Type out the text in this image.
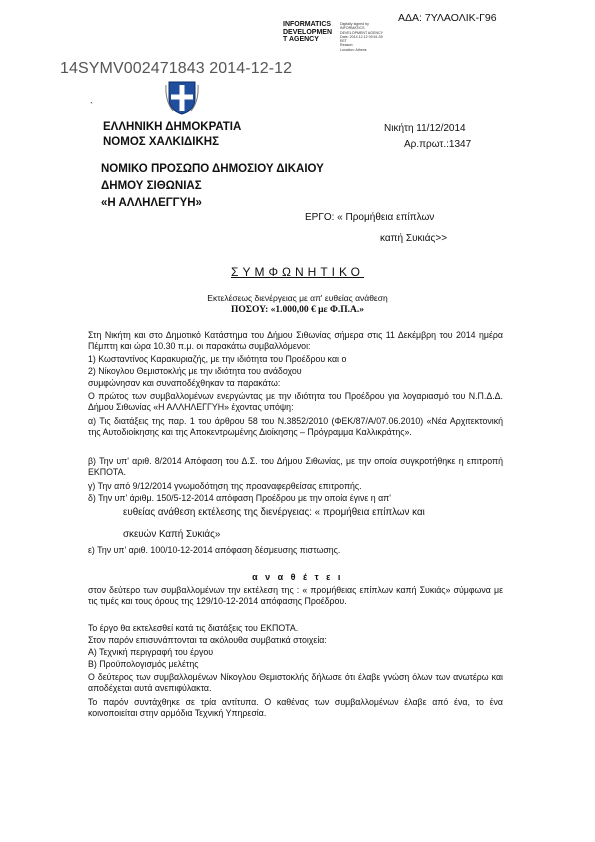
ΑΔΑ: 7ΥΛΑΟΛΙΚ-Γ96
INFORMATICS DEVELOPMEN T AGENCY
Digitally signed by
INFORMATICS
DEVELOPMENT AGENCY
Date: 2014.12.12 09:51:39
EET
Reason:
Location: Athens
14SYMV002471843 2014-12-12
`
ΕΛΛΗΝΙΚΗ ΔΗΜΟΚΡΑΤΙΑ
ΝΟΜΟΣ ΧΑΛΚΙΔΙΚΗΣ
Νικήτη 11/12/2014
Αρ.πρωτ.:1347
ΝΟΜΙΚΟ ΠΡΟΣΩΠΟ ΔΗΜΟΣΙΟΥ ΔΙΚΑΙΟΥ
ΔΗΜΟΥ ΣΙΘΩΝΙΑΣ
«Η ΑΛΛΗΛΕΓΓΥΗ»
ΕΡΓΟ: « Προμήθεια επίπλων
καπή Συκιάς>>
ΣΥΜΦΩΝΗΤΙΚΟ
Εκτελέσεως διενέργειας με απ' ευθείας ανάθεση
ΠΟΣΟΥ: «1.000,00 € με Φ.Π.Α.»
Στη Νικήτη και στο Δημοτικό Κατάστημα του Δήμου Σιθωνίας σήμερα στις 11 Δεκέμβρη του 2014 ημέρα Πέμπτη και ώρα 10.30 π.μ. οι παρακάτω συμβαλλόμενοι:
1) Κωσταντίνος Καρακυριαζής, με την ιδιότητα του Προέδρου και ο
2) Νίκογλου Θεμιστοκλής με την ιδιότητα του ανάδοχου
συμφώνησαν και συναποδέχθηκαν τα παρακάτω:
Ο πρώτος των συμβαλλομένων ενεργώντας με την ιδιότητα του Προέδρου για λογαριασμό του Ν.Π.Δ.Δ. Δήμου Σιθωνίας «Η ΑΛΛΗΛΕΓΓΥΗ» έχοντας υπόψη:
α) Τις διατάξεις της παρ. 1 του άρθρου 58 του Ν.3852/2010 (ΦΕΚ/87/Α/07.06.2010) «Νέα Αρχιτεκτονική της Αυτοδιοίκησης και της Αποκεντρωμένης Διοίκησης – Πρόγραμμα Καλλικράτης».
β) Την υπ' αριθ. 8/2014 Απόφαση του Δ.Σ. του Δήμου Σιθωνίας, με την οποία συγκροτήθηκε η επιτροπή ΕΚΠΟΤΑ.
γ) Την από 9/12/2014 γνωμοδότηση της προαναφερθείσας επιτροπής.
δ) Την υπ' άριθμ. 150/5-12-2014 απόφαση Προέδρου με την οποία έγινε η απ'
ευθείας ανάθεση εκτέλεσης της διενέργειας: « προμήθεια επίπλων και
σκευών Καπή Συκιάς»
ε) Την υπ' αριθ. 100/10-12-2014 απόφαση δέσμευσης πιστωσης.
α ν α θ έ τ ε ι
στον δεύτερο των συμβαλλομένων την εκτέλεση της : « προμήθειας επίπλων καπή Συκιάς» σύμφωνα με τις τιμές και τους όρους της 129/10-12-2014 απόφασης Προέδρου.
Το έργο θα εκτελεσθεί κατά τις διατάξεις του ΕΚΠΟΤΑ.
Στον παρόν επισυνάπτονται τα ακόλουθα συμβατικά στοιχεία:
Α) Τεχνική περιγραφή του έργου
Β) Προϋπολογισμός μελέτης
Ο δεύτερος των συμβαλλομένων Νίκογλου Θεμιστοκλής δήλωσε ότι έλαβε γνώση όλων των ανωτέρω και αποδέχεται αυτά ανεπιφύλακτα.
Το παρόν συντάχθηκε σε τρία αντίτυπα. Ο καθένας των συμβαλλομένων έλαβε από ένα, το ένα κοινοποιείται στην αρμόδια Τεχνική Υπηρεσία.
